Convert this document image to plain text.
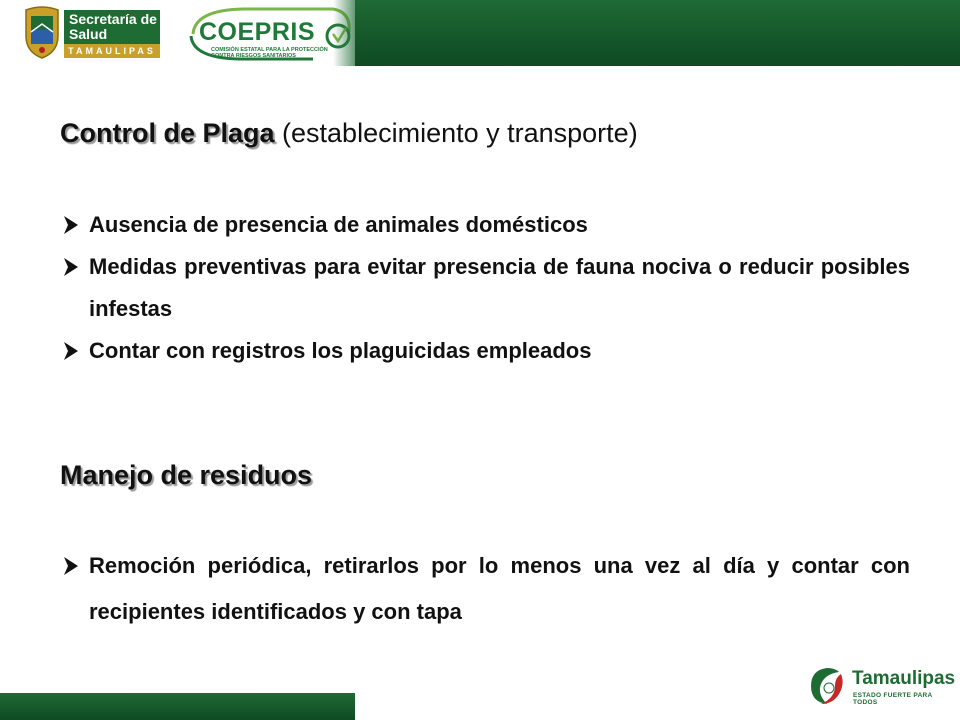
Secretaría de
Salud
TAMAULIPAS
COEPRIS
COMISIÓN ESTATAL PARA LA PROTECCIÓN
CONTRA RIESGOS SANITARIOS
Control de Plaga (establecimiento y transporte)
Ausencia de presencia de animales domésticos
Medidas preventivas para evitar presencia de fauna nociva o reducir posibles infestas
Contar con registros los plaguicidas empleados
Manejo de residuos
Remoción periódica, retirarlos por lo menos una vez al día y contar con recipientes identificados y con tapa
Tamaulipas
ESTADO FUERTE PARA TODOS
